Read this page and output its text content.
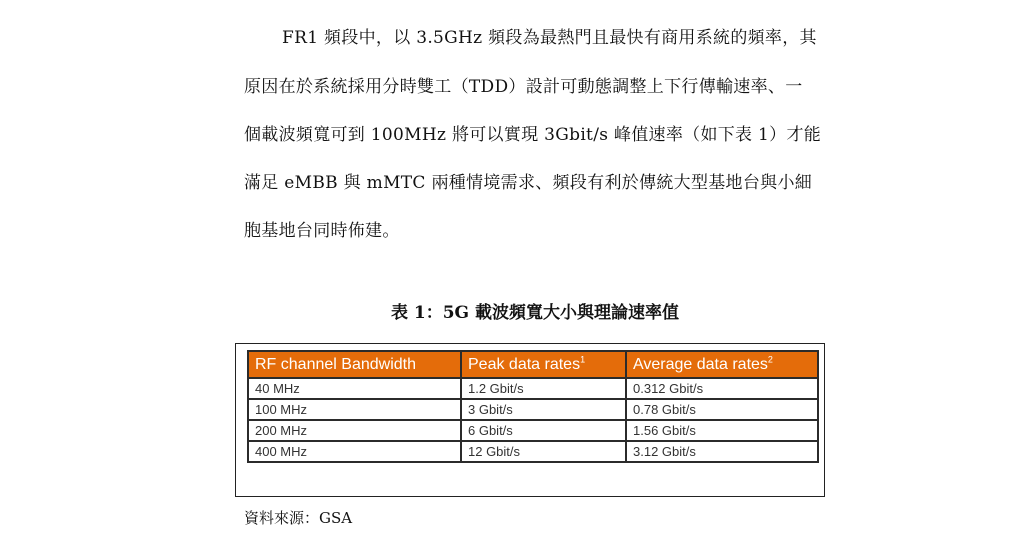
FR1 頻段中，以 3.5GHz 頻段為最熱門且最快有商用系統的頻率，其
原因在於系統採用分時雙工（TDD）設計可動態調整上下行傳輸速率、一
個載波頻寬可到 100MHz 將可以實現 3Gbit/s 峰值速率（如下表 1）才能
滿足 eMBB 與 mMTC 兩種情境需求、頻段有利於傳統大型基地台與小細
胞基地台同時佈建。
表 1：5G 載波頻寬大小與理論速率值
RF channel Bandwidth	Peak data rates$^1$	Average data rates$^2$
40 MHz	1.2 Gbit/s	0.312 Gbit/s
100 MHz	3 Gbit/s	0.78 Gbit/s
200 MHz	6 Gbit/s	1.56 Gbit/s
400 MHz	12 Gbit/s	3.12 Gbit/s
資料來源：GSA
